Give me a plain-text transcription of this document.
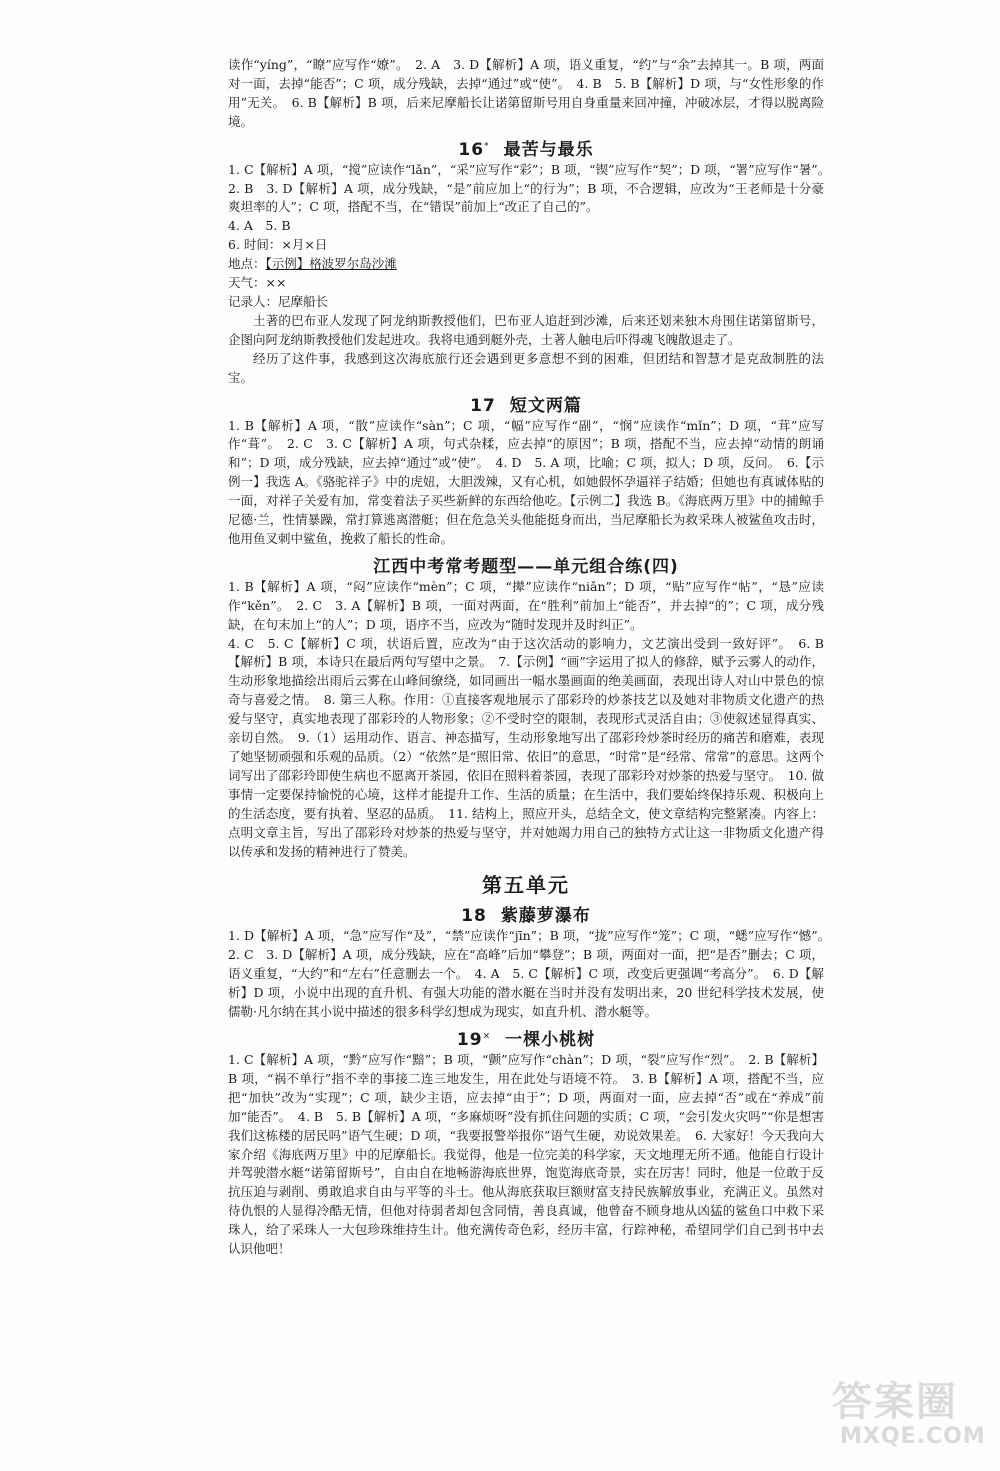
读作“yíng”，“瞭”应写作“嫽”。　2. A　3. D【解析】A 项，语义重复，“约”与“余”去掉其一。B 项，两面对一面，去掉“能否”；C 项，成分残缺，去掉“通过”或“使”。　4. B　5. B【解析】D 项，与“女性形象的作用”无关。　6. B【解析】B 项，后来尼摩船长让诺第留斯号用自身重量来回冲撞，冲破冰层，才得以脱离险境。

16* 最苦与最乐

1. C【解析】A 项，“搅”应读作“lǎn”，“采”应写作“彩”；B 项，“锲”应写作“契”；D 项，“署”应写作“暑”。　2. B　3. D【解析】A 项，成分残缺，“是”前应加上“的行为”；B 项，不合逻辑，应改为“王老师是十分豪爽坦率的人”；C 项，搭配不当，在“错误”前加上“改正了自己的”。

4. A　5. B

6. 时间：×月×日

地点：【示例】格波罗尔岛沙滩

天气：××

记录人：尼摩船长

土著的巴布亚人发现了阿龙纳斯教授他们，巴布亚人追赶到沙滩，后来还划来独木舟围住诺第留斯号，企图向阿龙纳斯教授他们发起进攻。我将电通到艇外壳，土著人触电后吓得魂飞魄散退走了。

经历了这件事，我感到这次海底旅行还会遇到更多意想不到的困难，但团结和智慧才是克敌制胜的法宝。

17 短文两篇

1. B【解析】A 项，“散”应读作“sàn”；C 项，“幅”应写作“副”，“悯”应读作“mǐn”；D 项，“茸”应写作“葺”。　2. C　3. C【解析】A 项，句式杂糅，应去掉“的原因”；B 项，搭配不当，应去掉“动情的朗诵和”；D 项，成分残缺，应去掉“通过”或“使”。　4. D　5. A 项，比喻；C 项，拟人；D 项，反问。　6.【示例一】我选 A。《骆驼祥子》中的虎妞，大胆泼辣，又有心机，如她假怀孕逼祥子结婚；但她也有真诚体贴的一面，对祥子关爱有加，常变着法子买些新鲜的东西给他吃。【示例二】我选 B。《海底两万里》中的捕鲸手尼德·兰，性情暴躁，常打算逃离潜艇；但在危急关头他能挺身而出，当尼摩船长为救采珠人被鲨鱼攻击时，他用鱼叉刺中鲨鱼，挽救了船长的性命。

江西中考常考题型——单元组合练(四)

1. B【解析】A 项，“闷”应读作“mèn”；C 项，“撵”应读作“niǎn”；D 项，“贴”应写作“帖”，“恳”应读作“kěn”。　2. C　3. A【解析】B 项，一面对两面，在“胜利”前加上“能否”，并去掉“的”；C 项，成分残缺，在句末加上“的人”；D 项，语序不当，应改为“随时发现并及时纠正”。

4. C　5. C【解析】C 项，状语后置，应改为“由于这次活动的影响力，文艺演出受到一致好评”。　6. B【解析】B 项，本诗只在最后两句写望中之景。　7.【示例】“画”字运用了拟人的修辞，赋予云雾人的动作，生动形象地描绘出雨后云雾在山峰间缭绕，如同画出一幅水墨画面的绝美画面，表现出诗人对山中景色的惊奇与喜爱之情。　8. 第三人称。作用：①直接客观地展示了邵彩玲的炒茶技艺以及她对非物质文化遗产的热爱与坚守，真实地表现了邵彩玲的人物形象；②不受时空的限制，表现形式灵活自由；③使叙述显得真实、亲切自然。　9.（1）运用动作、语言、神态描写，生动形象地写出了邵彩玲炒茶时经历的痛苦和磨难，表现了她坚韧顽强和乐观的品质。（2）“依然”是“照旧常、依旧”的意思，“时常”是“经常、常常”的意思。这两个词写出了邵彩玲即使生病也不愿离开茶园，依旧在照料着茶园，表现了邵彩玲对炒茶的热爱与坚守。　10. 做事情一定要保持愉悦的心境，这样才能提升工作、生活的质量；在生活中，我们要始终保持乐观、积极向上的生活态度，要有执着、坚忍的品质。　11. 结构上，照应开头，总结全文，使文章结构完整紧凑。内容上：点明文章主旨，写出了邵彩玲对炒茶的热爱与坚守，并对她竭力用自己的独特方式让这一非物质文化遗产得以传承和发扬的精神进行了赞美。

第五单元
18 紫藤萝瀑布

1. D【解析】A 项，“急”应写作“及”，“禁”应读作“jīn”；B 项，“拢”应写作“笼”；C 项，“蟋”应写作“憾”。　2. C　3. D【解析】A 项，成分残缺，应在“高峰”后加“攀登”；B 项，两面对一面，把“是否”删去；C 项，语义重复，“大约”和“左右”任意删去一个。　4. A　5. C【解析】C 项，改变后更强调“考高分”。　6. D【解析】D 项，小说中出现的直升机、有强大功能的潜水艇在当时并没有发明出来，20 世纪科学技术发展，使儒勒·凡尔纳在其小说中描述的很多科学幻想成为现实，如直升机、潜水艇等。

19× 一棵小桃树

1. C【解析】A 项，“黔”应写作“黯”；B 项，“颤”应写作“chàn”；D 项，“裂”应写作“烈”。　2. B【解析】B 项，“祸不单行”指不幸的事接二连三地发生，用在此处与语境不符。　3. B【解析】A 项，搭配不当，应把“加快”改为“实现”；C 项，缺少主语，应去掉“由于”；D 项，两面对一面，应去掉“否”或在“养成”前加“能否”。　4. B　5. B【解析】A 项，“多麻烦呀”没有抓住问题的实质；C 项，“会引发火灾吗”“你是想害我们这栋楼的居民吗”语气生硬；D 项，“我要报警举报你”语气生硬，劝说效果差。　6. 大家好！今天我向大家介绍《海底两万里》中的尼摩船长。我觉得，他是一位完美的科学家，天文地理无所不通。他能自行设计并驾驶潜水艇“诺第留斯号”，自由自在地畅游海底世界，饱览海底奇景，实在厉害！同时，他是一位敢于反抗压迫与剥削、勇敢追求自由与平等的斗士。他从海底获取巨额财富支持民族解放事业，充满正义。虽然对待仇恨的人显得冷酷无情，但他对待弱者却包含同情，善良真诚，他曾奋不顾身地从凶猛的鲨鱼口中救下采珠人，给了采珠人一大包珍珠维持生计。他充满传奇色彩，经历丰富，行踪神秘，希望同学们自己到书中去认识他吧！

答案圈
MXQE.COM
